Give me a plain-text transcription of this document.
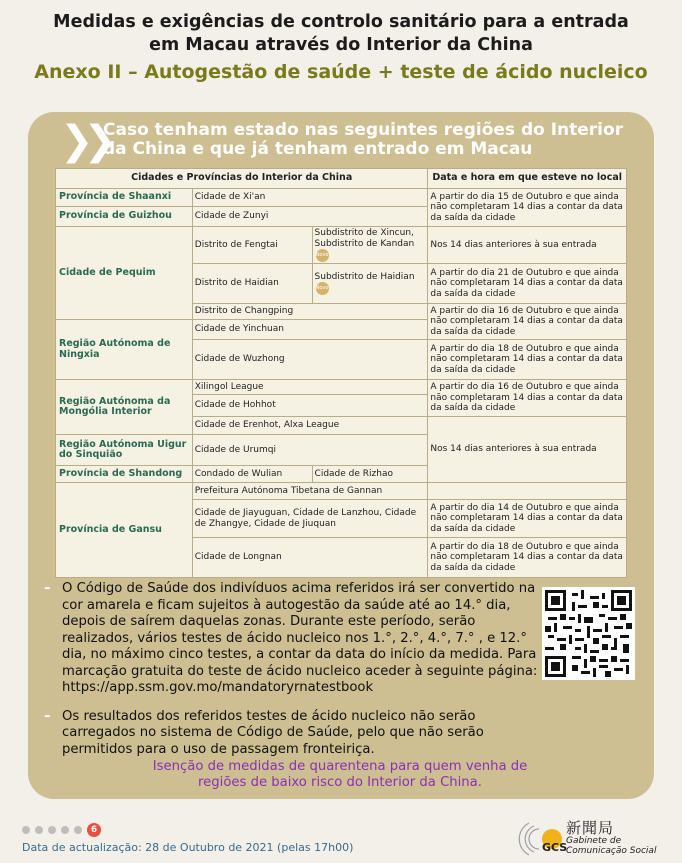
Medidas e exigências de controlo sanitário para a entrada
em Macau através do Interior da China
Anexo II – Autogestão de saúde + teste de ácido nucleico
❯❯
Caso tenham estado nas seguintes regiões do Interior
da China e que já tenham entrado em Macau
Cidades e Províncias do Interior da China			Data e hora em que esteve no local
Província de Shaanxi	Cidade de Xi'an		A partir do dia 15 de Outubro e que ainda não completaram 14 dias a contar da data da saída da cidade
Província de Guizhou	Cidade de Zunyi		
Cidade de Pequim	Distrito de Fengtai	Subdistrito de Xincun, Subdistrito de KandanNovo	Nos 14 dias anteriores à sua entrada
	Distrito de Haidian	Subdistrito de HaidianNovo	A partir do dia 21 de Outubro e que ainda não completaram 14 dias a contar da data da saída da cidade
	Distrito de Changping		A partir do dia 16 de Outubro e que ainda não completaram 14 dias a contar da data da saída da cidade
Região Autónoma de Ningxia	Cidade de Yinchuan		
	Cidade de Wuzhong		A partir do dia 18 de Outubro e que ainda não completaram 14 dias a contar da data da saída da cidade
Região Autónoma da Mongólia Interior	Xilingol League		A partir do dia 16 de Outubro e que ainda não completaram 14 dias a contar da data da saída da cidade
	Cidade de Hohhot		
	Cidade de Erenhot, Alxa League		Nos 14 dias anteriores à sua entrada
Região Autónoma Uigur do Sinquião	Cidade de Urumqi		
Província de Shandong	Condado de Wulian	Cidade de Rizhao	
Província de Gansu	Prefeitura Autónoma Tibetana de Gannan		
	Cidade de Jiayuguan, Cidade de Lanzhou, Cidade de Zhangye, Cidade de Jiuquan		A partir do dia 14 de Outubro e que ainda não completaram 14 dias a contar da data da saída da cidade
	Cidade de Longnan		A partir do dia 18 de Outubro e que ainda não completaram 14 dias a contar da data da saída da cidade
– O Código de Saúde dos indivíduos acima referidos irá ser convertido na cor amarela e ficam sujeitos à autogestão da saúde até ao 14.° dia, depois de saírem daquelas zonas. Durante este período, serão realizados, vários testes de ácido nucleico nos 1.°, 2.°, 4.°, 7.° , e 12.° dia, no máximo cinco testes, a contar da data do início da medida. Para marcação gratuita do teste de ácido nucleico aceder à seguinte página: https://app.ssm.gov.mo/mandatoryrnatestbook
– Os resultados dos referidos testes de ácido nucleico não serão carregados no sistema de Código de Saúde, pelo que não serão permitidos para o uso de passagem fronteiriça.
Isenção de medidas de quarentena para quem venha de
regiões de baixo risco do Interior da China.
6
Data de actualização: 28 de Outubro de 2021 (pelas 17h00)	GCS
新聞局
Gabinete de
Comunicação Social
